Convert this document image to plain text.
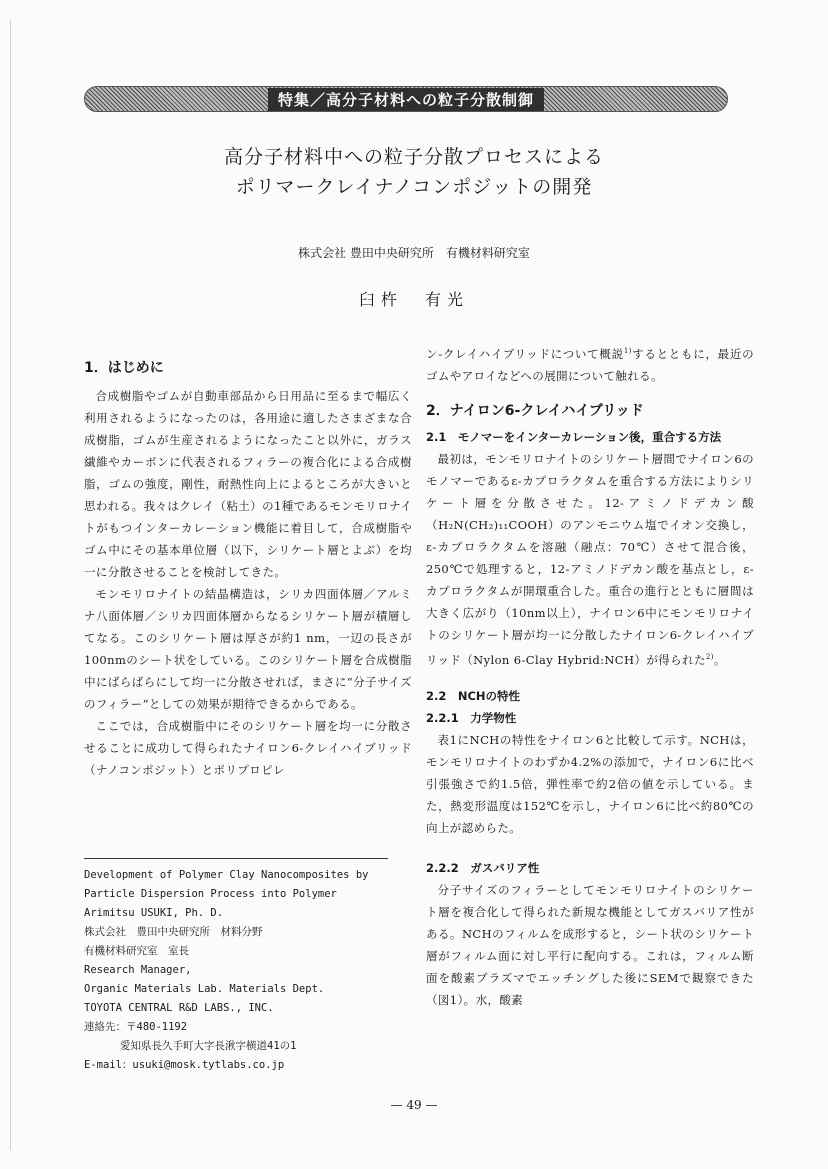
特集／高分子材料への粒子分散制御
高分子材料中への粒子分散プロセスによる
ポリマークレイナノコンポジットの開発
株式会社 豊田中央研究所　有機材料研究室
臼杵　有光
1．はじめに

合成樹脂やゴムが自動車部品から日用品に至るまで幅広く利用されるようになったのは，各用途に適したさまざまな合成樹脂，ゴムが生産されるようになったこと以外に，ガラス繊維やカーボンに代表されるフィラーの複合化による合成樹脂，ゴムの強度，剛性，耐熱性向上によるところが大きいと思われる。我々はクレイ（粘土）の1種であるモンモリロナイトがもつインターカレーション機能に着目して，合成樹脂やゴム中にその基本単位層（以下，シリケート層とよぶ）を均一に分散させることを検討してきた。

モンモリロナイトの結晶構造は，シリカ四面体層／アルミナ八面体層／シリカ四面体層からなるシリケート層が積層してなる。このシリケート層は厚さが約1 nm，一辺の長さが100nmのシート状をしている。このシリケート層を合成樹脂中にばらばらにして均一に分散させれば，まさに“分子サイズのフィラー”としての効果が期待できるからである。

ここでは，合成樹脂中にそのシリケート層を均一に分散させることに成功して得られたナイロン6-クレイハイブリッド（ナノコンポジット）とポリプロピレ

ン-クレイハイブリッドについて概説$^{1)}$するとともに，最近のゴムやアロイなどへの展開について触れる。

2．ナイロン6-クレイハイブリッド
2.1　モノマーをインターカレーション後，重合する方法

最初は，モンモリロナイトのシリケート層間でナイロン6のモノマーであるε-カプロラクタムを重合する方法によりシリケート層を分散させた。12-アミノドデカン酸（H₂N(CH₂)₁₁COOH）のアンモニウム塩でイオン交換し，ε-カプロラクタムを溶融（融点：70℃）させて混合後，250℃で処理すると，12-アミノドデカン酸を基点とし，ε-カプロラクタムが開環重合した。重合の進行とともに層間は大きく広がり（10nm以上），ナイロン6中にモンモリロナイトのシリケート層が均一に分散したナイロン6-クレイハイブリッド（Nylon 6-Clay Hybrid:NCH）が得られた$^{2)}$。

2.2　NCHの特性
2.2.1　力学物性

表1にNCHの特性をナイロン6と比較して示す。NCHは，モンモリロナイトのわずか4.2%の添加で，ナイロン6に比べ引張強さで約1.5倍，弾性率で約2倍の値を示している。また，熱変形温度は152℃を示し，ナイロン6に比べ約80℃の向上が認めらた。

2.2.2　ガスバリア性

分子サイズのフィラーとしてモンモリロナイトのシリケート層を複合化して得られた新規な機能としてガスバリア性がある。NCHのフィルムを成形すると，シート状のシリケート層がフィルム面に対し平行に配向する。これは，フィルム断面を酸素プラズマでエッチングした後にSEMで観察できた（図1）。水，酸素

Development of Polymer Clay Nanocomposites by
Particle Dispersion Process into Polymer
Arimitsu USUKI, Ph. D.
株式会社　豊田中央研究所　材料分野
有機材料研究室　室長
Research Manager,
Organic Materials Lab. Materials Dept.
TOYOTA CENTRAL R&D LABS., INC.
連絡先：〒480-1192
愛知県長久手町大字長湫字横道41の1
E-mail：usuki@mosk.tytlabs.co.jp
— 49 —
